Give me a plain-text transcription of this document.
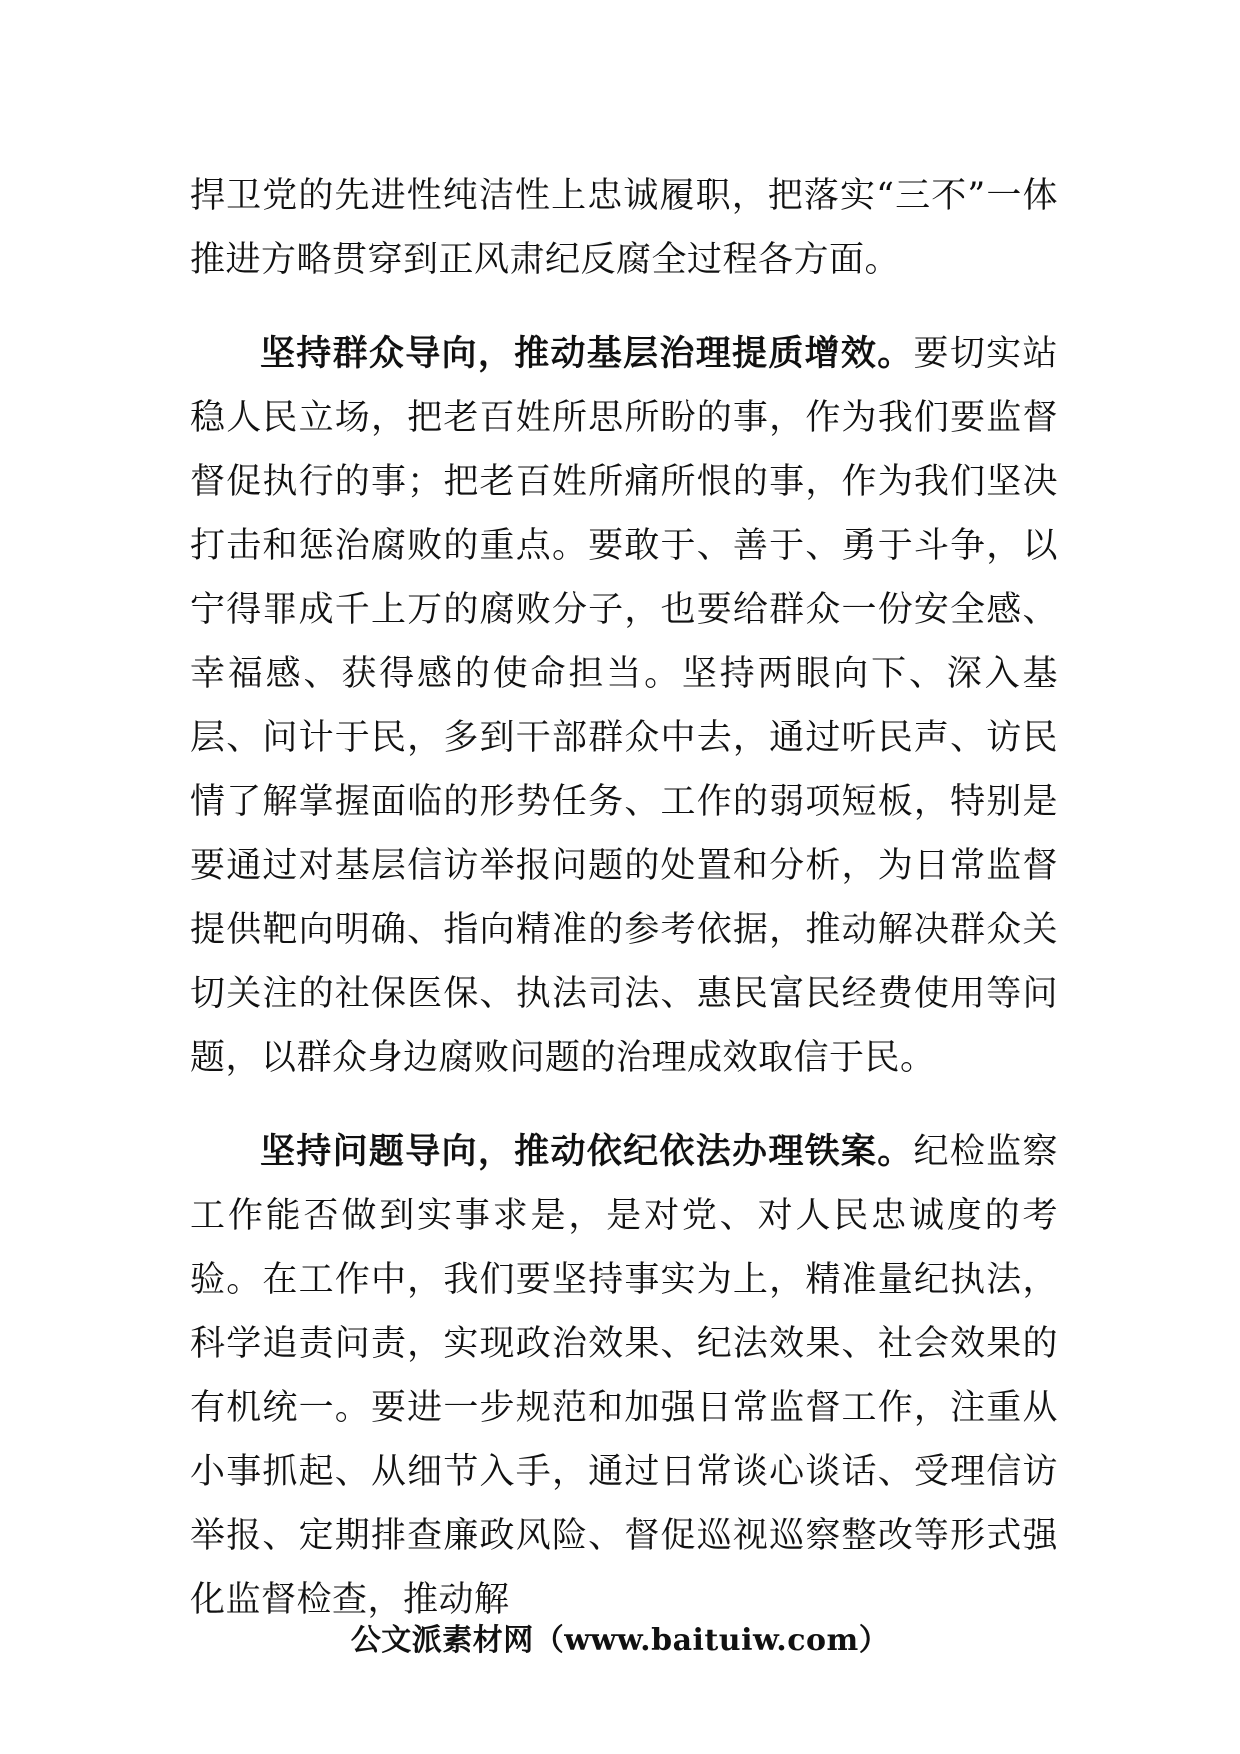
捍卫党的先进性纯洁性上忠诚履职，把落实“三不”一体推进方略贯穿到正风肃纪反腐全过程各方面。

坚持群众导向，推动基层治理提质增效。要切实站稳人民立场，把老百姓所思所盼的事，作为我们要监督督促执行的事；把老百姓所痛所恨的事，作为我们坚决打击和惩治腐败的重点。要敢于、善于、勇于斗争，以宁得罪成千上万的腐败分子，也要给群众一份安全感、幸福感、获得感的使命担当。坚持两眼向下、深入基层、问计于民，多到干部群众中去，通过听民声、访民情了解掌握面临的形势任务、工作的弱项短板，特别是要通过对基层信访举报问题的处置和分析，为日常监督提供靶向明确、指向精准的参考依据，推动解决群众关切关注的社保医保、执法司法、惠民富民经费使用等问题，以群众身边腐败问题的治理成效取信于民。

坚持问题导向，推动依纪依法办理铁案。纪检监察工作能否做到实事求是，是对党、对人民忠诚度的考验。在工作中，我们要坚持事实为上，精准量纪执法，科学追责问责，实现政治效果、纪法效果、社会效果的有机统一。要进一步规范和加强日常监督工作，注重从小事抓起、从细节入手，通过日常谈心谈话、受理信访举报、定期排查廉政风险、督促巡视巡察整改等形式强化监督检查，推动解

公文派素材网（www.baituiw.com）
